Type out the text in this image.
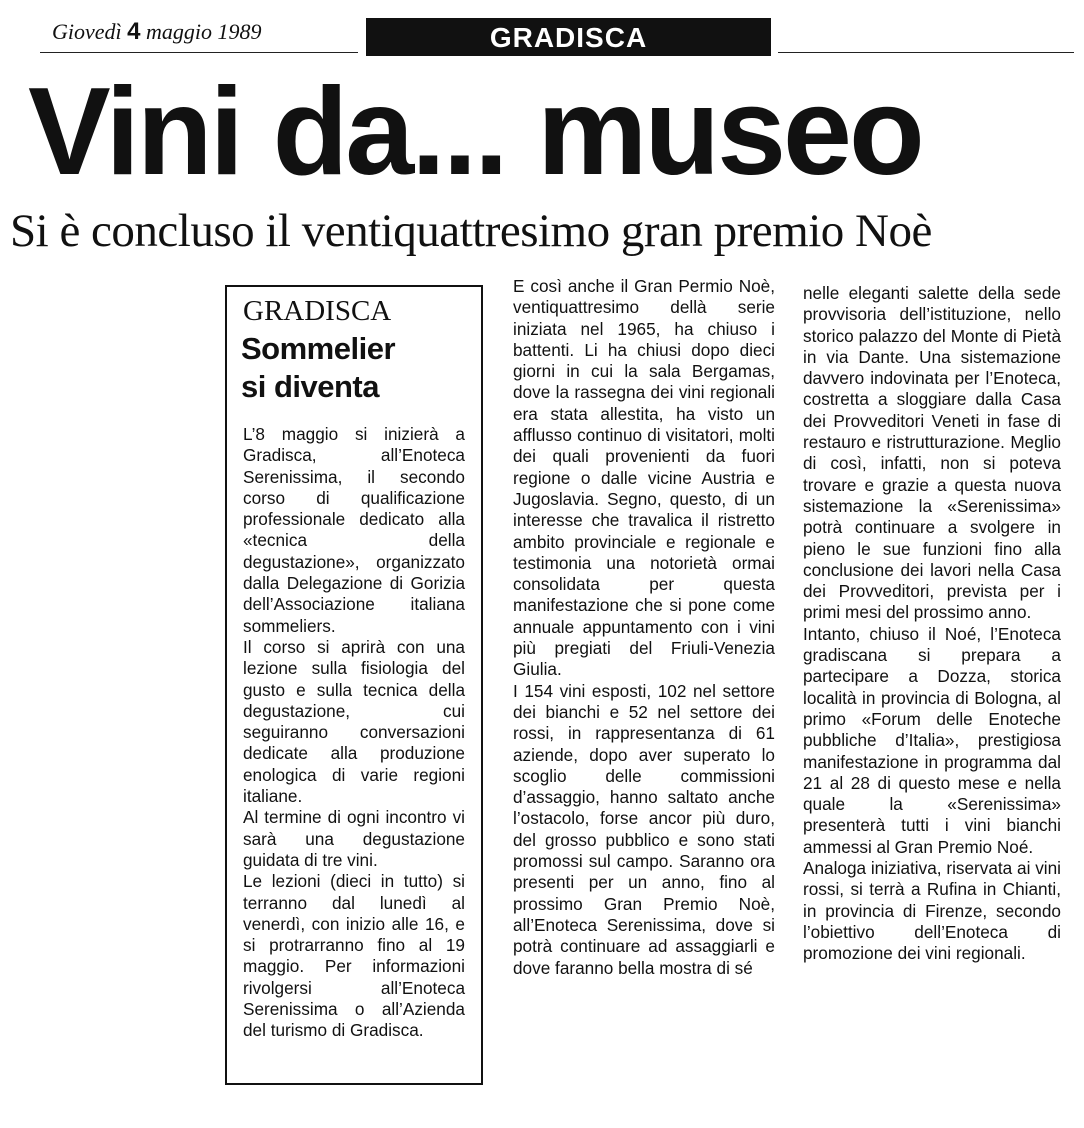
Giovedì 4 maggio 1989	GRADISCA
Vini da... museo
Si è concluso il ventiquattresimo gran premio Noè
GRADISCA
Sommelier
si diventa

L’8 maggio si inizierà a Gradisca, all’Enoteca Serenissima, il secondo corso di qualificazione professionale dedicato alla «tecnica della degustazione», organizzato dalla Delegazione di Gorizia dell’Associazione italiana sommeliers.

Il corso si aprirà con una lezione sulla fisiologia del gusto e sulla tecnica della degustazione, cui seguiranno conversazioni dedicate alla produzione enologica di varie regioni italiane.

Al termine di ogni incontro vi sarà una degustazione guidata di tre vini.

Le lezioni (dieci in tutto) si terranno dal lunedì al venerdì, con inizio alle 16, e si protrarranno fino al 19 maggio. Per informazioni rivolgersi all’Enoteca Serenissima o all’Azienda del turismo di Gradisca.

E così anche il Gran Permio Noè, ventiquattresimo dellà serie iniziata nel 1965, ha chiuso i battenti. Li ha chiusi dopo dieci giorni in cui la sala Bergamas, dove la rassegna dei vini regionali era stata allestita, ha visto un afflusso continuo di visitatori, molti dei quali provenienti da fuori regione o dalle vicine Austria e Jugoslavia. Segno, questo, di un interesse che travalica il ristretto ambito provinciale e regionale e testimonia una notorietà ormai consolidata per questa manifestazione che si pone come annuale appuntamento con i vini più pregiati del Friuli-Venezia Giulia.

I 154 vini esposti, 102 nel settore dei bianchi e 52 nel settore dei rossi, in rappresentanza di 61 aziende, dopo aver superato lo scoglio delle commissioni d’assaggio, hanno saltato anche l’ostacolo, forse ancor più duro, del grosso pubblico e sono stati promossi sul campo. Saranno ora presenti per un anno, fino al prossimo Gran Premio Noè, all’Enoteca Serenissima, dove si potrà continuare ad assaggiarli e dove faranno bella mostra di sé

nelle eleganti salette della sede provvisoria dell’istituzione, nello storico palazzo del Monte di Pietà in via Dante. Una sistemazione davvero indovinata per l’Enoteca, costretta a sloggiare dalla Casa dei Provveditori Veneti in fase di restauro e ristrutturazione. Meglio di così, infatti, non si poteva trovare e grazie a questa nuova sistemazione la «Serenissima» potrà continuare a svolgere in pieno le sue funzioni fino alla conclusione dei lavori nella Casa dei Provveditori, prevista per i primi mesi del prossimo anno.

Intanto, chiuso il Noé, l’Enoteca gradiscana si prepara a partecipare a Dozza, storica località in provincia di Bologna, al primo «Forum delle Enoteche pubbliche d’Italia», prestigiosa manifestazione in programma dal 21 al 28 di questo mese e nella quale la «Serenissima» presenterà tutti i vini bianchi ammessi al Gran Premio Noé.

Analoga iniziativa, riservata ai vini rossi, si terrà a Rufina in Chianti, in provincia di Firenze, secondo l’obiettivo dell’Enoteca di promozione dei vini regionali.
